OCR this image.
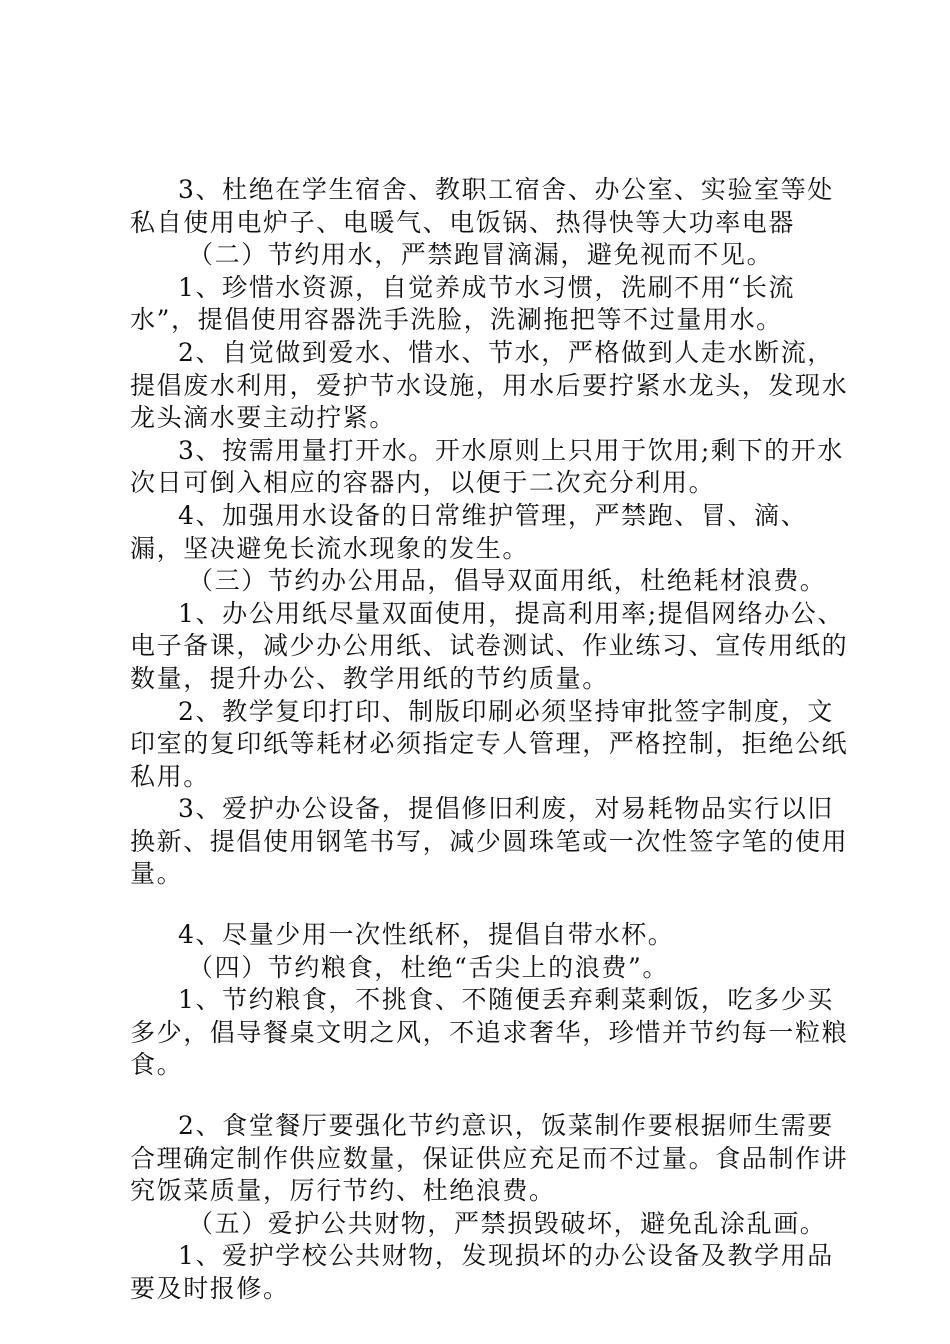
3、杜绝在学生宿舍、教职工宿舍、办公室、实验室等处私自使用电炉子、电暖气、电饭锅、热得快等大功率电器

（二）节约用水，严禁跑冒滴漏，避免视而不见。

1、珍惜水资源，自觉养成节水习惯，洗刷不用“长流水”，提倡使用容器洗手洗脸，洗涮拖把等不过量用水。

2、自觉做到爱水、惜水、节水，严格做到人走水断流，提倡废水利用，爱护节水设施，用水后要拧紧水龙头，发现水龙头滴水要主动拧紧。

3、按需用量打开水。开水原则上只用于饮用;剩下的开水次日可倒入相应的容器内，以便于二次充分利用。

4、加强用水设备的日常维护管理，严禁跑、冒、滴、漏，坚决避免长流水现象的发生。

（三）节约办公用品，倡导双面用纸，杜绝耗材浪费。

1、办公用纸尽量双面使用，提高利用率;提倡网络办公、电子备课，减少办公用纸、试卷测试、作业练习、宣传用纸的数量，提升办公、教学用纸的节约质量。

2、教学复印打印、制版印刷必须坚持审批签字制度，文印室的复印纸等耗材必须指定专人管理，严格控制，拒绝公纸私用。

3、爱护办公设备，提倡修旧利废，对易耗物品实行以旧换新、提倡使用钢笔书写，减少圆珠笔或一次性签字笔的使用量。

4、尽量少用一次性纸杯，提倡自带水杯。

（四）节约粮食，杜绝“舌尖上的浪费”。

1、节约粮食，不挑食、不随便丢弃剩菜剩饭，吃多少买多少，倡导餐桌文明之风，不追求奢华，珍惜并节约每一粒粮食。

2、食堂餐厅要强化节约意识，饭菜制作要根据师生需要合理确定制作供应数量，保证供应充足而不过量。食品制作讲究饭菜质量，厉行节约、杜绝浪费。

（五）爱护公共财物，严禁损毁破坏，避免乱涂乱画。

1、爱护学校公共财物，发现损坏的办公设备及教学用品要及时报修。
